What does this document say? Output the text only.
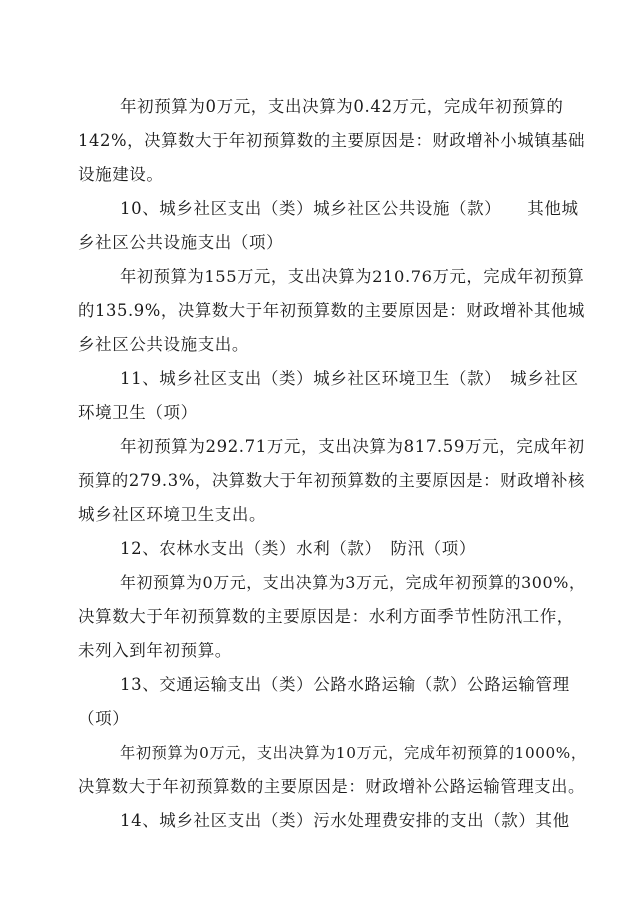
年初预算为0万元，支出决算为0.42万元，完成年初预算的
142%，决算数大于年初预算数的主要原因是：财政增补小城镇基础
设施建设。
10、城乡社区支出（类）城乡社区公共设施（款）　　其他城
乡社区公共设施支出（项）
年初预算为155万元，支出决算为210.76万元，完成年初预算
的135.9%，决算数大于年初预算数的主要原因是：财政增补其他城
乡社区公共设施支出。
11、城乡社区支出（类）城乡社区环境卫生（款）　城乡社区
环境卫生（项）
年初预算为292.71万元，支出决算为817.59万元，完成年初
预算的279.3%，决算数大于年初预算数的主要原因是：财政增补核
城乡社区环境卫生支出。
12、农林水支出（类）水利（款）　防汛（项）
年初预算为0万元，支出决算为3万元，完成年初预算的300%，
决算数大于年初预算数的主要原因是：水利方面季节性防汛工作，
未列入到年初预算。
13、交通运输支出（类）公路水路运输（款）公路运输管理
（项）
年初预算为0万元，支出决算为10万元，完成年初预算的1000%，
决算数大于年初预算数的主要原因是：财政增补公路运输管理支出。
14、城乡社区支出（类）污水处理费安排的支出（款）其他
